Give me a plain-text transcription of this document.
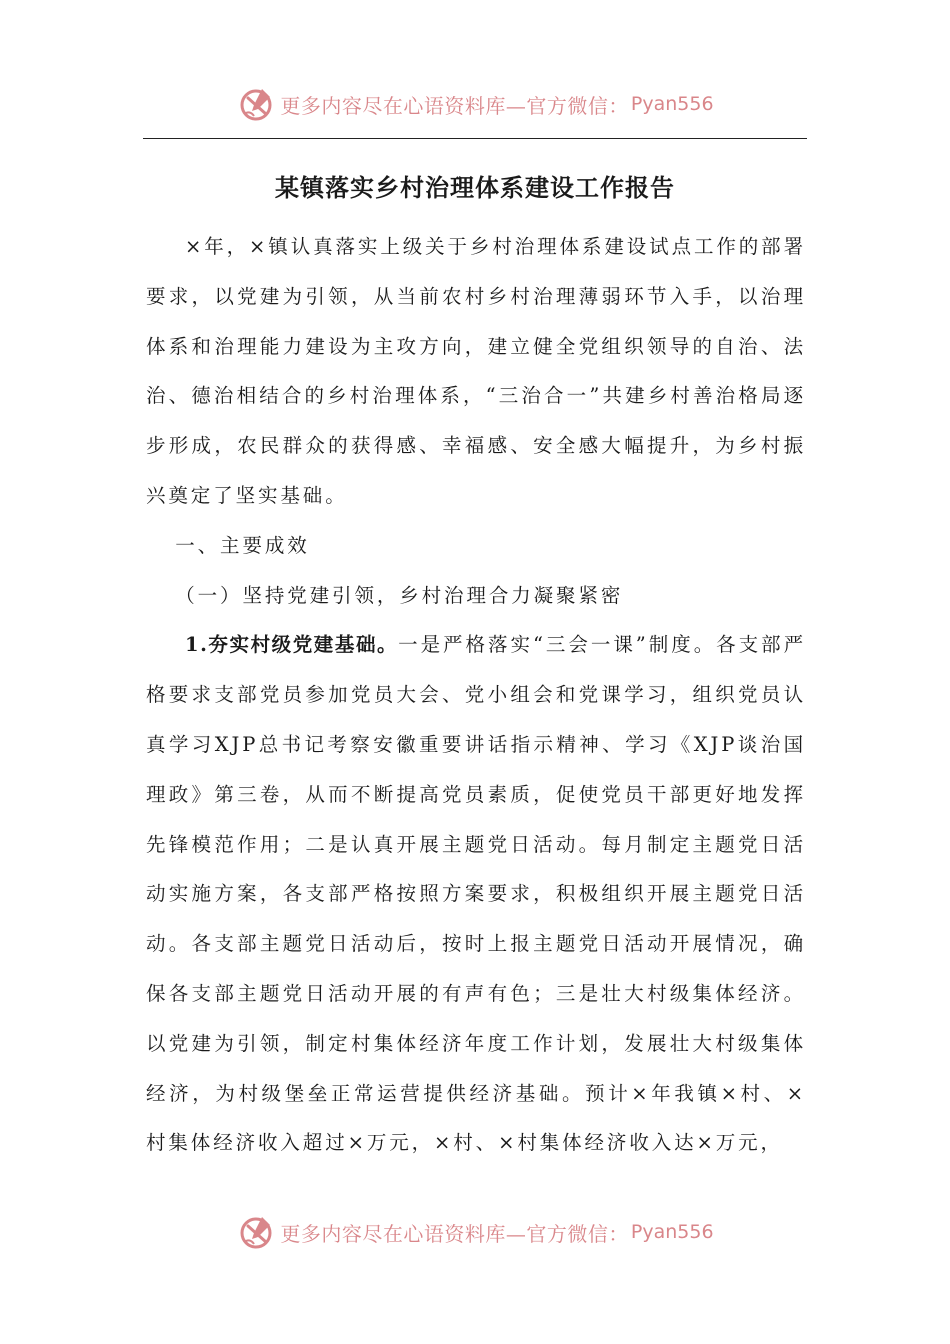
更多内容尽在心语资料库—官方微信： Pyan556
某镇落实乡村治理体系建设工作报告

×年，×镇认真落实上级关于乡村治理体系建设试点工作的部署要求，以党建为引领，从当前农村乡村治理薄弱环节入手，以治理体系和治理能力建设为主攻方向，建立健全党组织领导的自治、法治、德治相结合的乡村治理体系，“三治合一”共建乡村善治格局逐步形成，农民群众的获得感、幸福感、安全感大幅提升，为乡村振兴奠定了坚实基础。

一、主要成效

（一）坚持党建引领，乡村治理合力凝聚紧密

1.夯实村级党建基础。一是严格落实“三会一课”制度。各支部严格要求支部党员参加党员大会、党小组会和党课学习，组织党员认真学习XJP总书记考察安徽重要讲话指示精神、学习《XJP谈治国理政》第三卷，从而不断提高党员素质，促使党员干部更好地发挥先锋模范作用；二是认真开展主题党日活动。每月制定主题党日活动实施方案，各支部严格按照方案要求，积极组织开展主题党日活动。各支部主题党日活动后，按时上报主题党日活动开展情况，确保各支部主题党日活动开展的有声有色；三是壮大村级集体经济。以党建为引领，制定村集体经济年度工作计划，发展壮大村级集体经济，为村级堡垒正常运营提供经济基础。预计×年我镇×村、×村集体经济收入超过×万元，×村、×村集体经济收入达×万元，

更多内容尽在心语资料库—官方微信： Pyan556
